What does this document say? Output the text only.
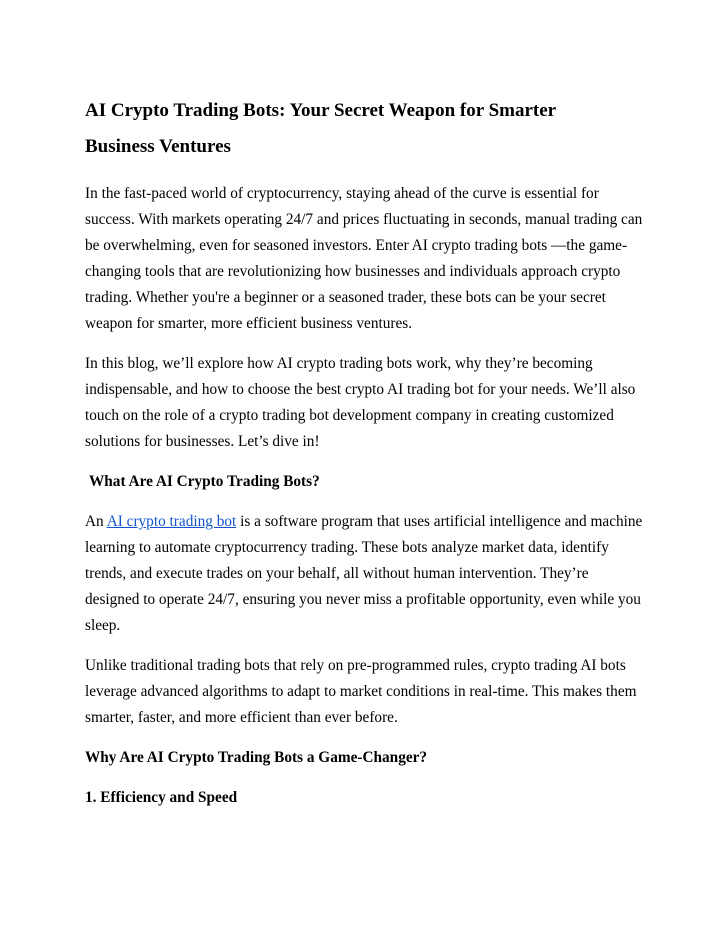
AI Crypto Trading Bots: Your Secret Weapon for Smarter Business Ventures

In the fast-paced world of cryptocurrency, staying ahead of the curve is essential for success. With markets operating 24/7 and prices fluctuating in seconds, manual trading can be overwhelming, even for seasoned investors. Enter AI crypto trading bots —the game-changing tools that are revolutionizing how businesses and individuals approach crypto trading. Whether you're a beginner or a seasoned trader, these bots can be your secret weapon for smarter, more efficient business ventures.

In this blog, we’ll explore how AI crypto trading bots work, why they’re becoming indispensable, and how to choose the best crypto AI trading bot for your needs. We’ll also touch on the role of a crypto trading bot development company in creating customized solutions for businesses. Let’s dive in!

What Are AI Crypto Trading Bots?

An AI crypto trading bot is a software program that uses artificial intelligence and machine learning to automate cryptocurrency trading. These bots analyze market data, identify trends, and execute trades on your behalf, all without human intervention. They’re designed to operate 24/7, ensuring you never miss a profitable opportunity, even while you sleep.

Unlike traditional trading bots that rely on pre-programmed rules, crypto trading AI bots leverage advanced algorithms to adapt to market conditions in real-time. This makes them smarter, faster, and more efficient than ever before.

Why Are AI Crypto Trading Bots a Game-Changer?
1. Efficiency and Speed
